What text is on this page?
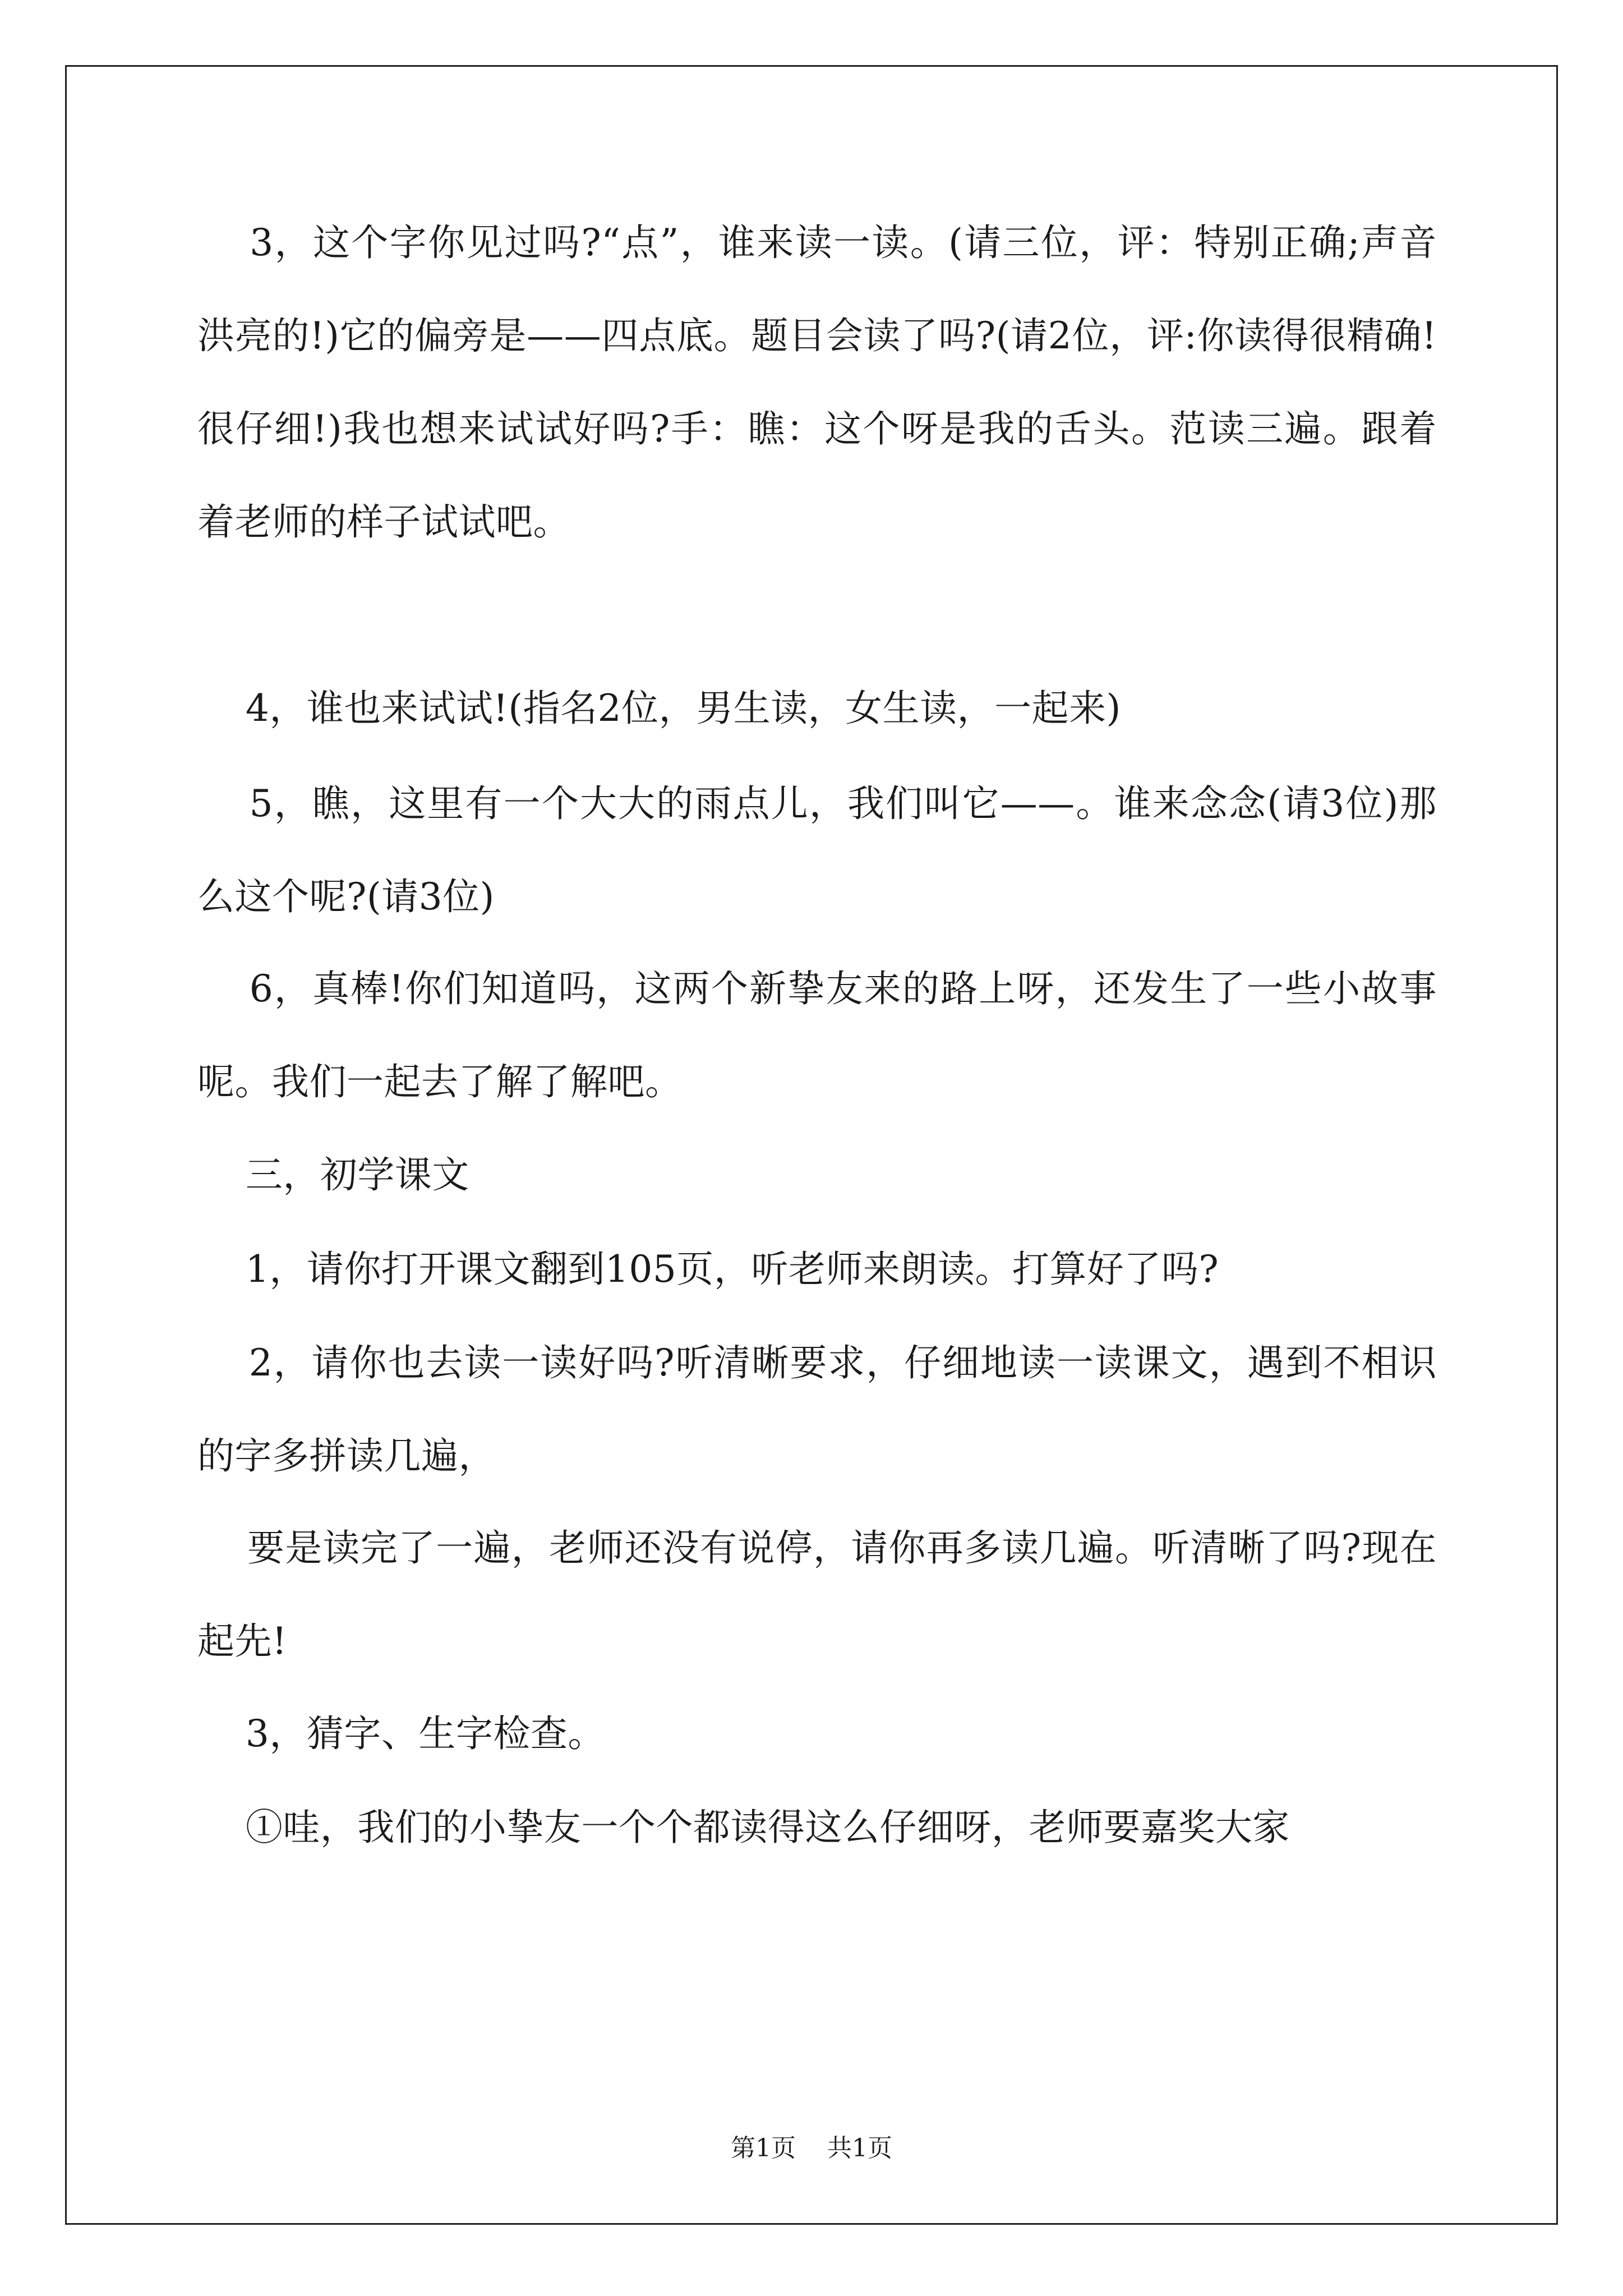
3，这个字你见过吗?“点”，谁来读一读。(请三位，评：特别正确;声音洪亮的!)它的偏旁是——四点底。题目会读了吗?(请2位，评:你读得很精确!很仔细!)我也想来试试好吗?手：瞧：这个呀是我的舌头。范读三遍。跟着着老师的样子试试吧。
4，谁也来试试!(指名2位，男生读，女生读，一起来)
5，瞧，这里有一个大大的雨点儿，我们叫它——。谁来念念(请3位)那么这个呢?(请3位)
6，真棒!你们知道吗，这两个新挚友来的路上呀，还发生了一些小故事呢。我们一起去了解了解吧。
三，初学课文
1，请你打开课文翻到105页，听老师来朗读。打算好了吗?
2，请你也去读一读好吗?听清晰要求，仔细地读一读课文，遇到不相识的字多拼读几遍，
要是读完了一遍，老师还没有说停，请你再多读几遍。听清晰了吗?现在起先!
3，猜字、生字检查。
①哇，我们的小挚友一个个都读得这么仔细呀，老师要嘉奖大家
第1页 共1页
